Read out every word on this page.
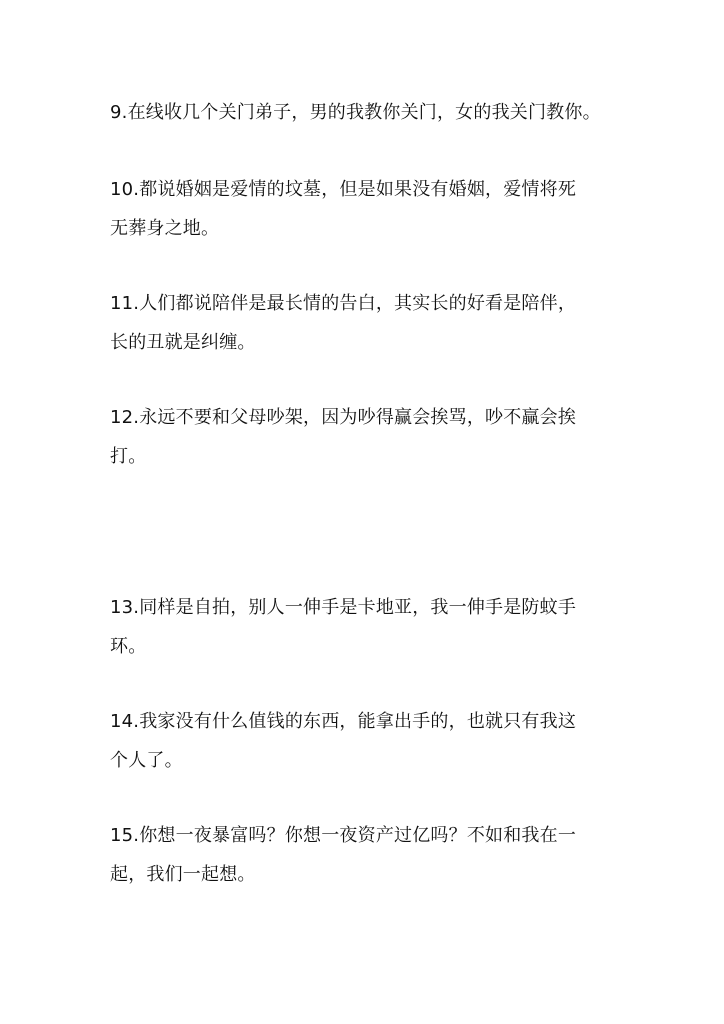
9.在线收几个关门弟子，男的我教你关门，女的我关门教你。
10.都说婚姻是爱情的坟墓，但是如果没有婚姻，爱情将死
无葬身之地。
11.人们都说陪伴是最长情的告白，其实长的好看是陪伴，
长的丑就是纠缠。
12.永远不要和父母吵架，因为吵得赢会挨骂，吵不赢会挨
打。
13.同样是自拍，别人一伸手是卡地亚，我一伸手是防蚊手
环。
14.我家没有什么值钱的东西，能拿出手的，也就只有我这
个人了。
15.你想一夜暴富吗？你想一夜资产过亿吗？不如和我在一
起，我们一起想。
